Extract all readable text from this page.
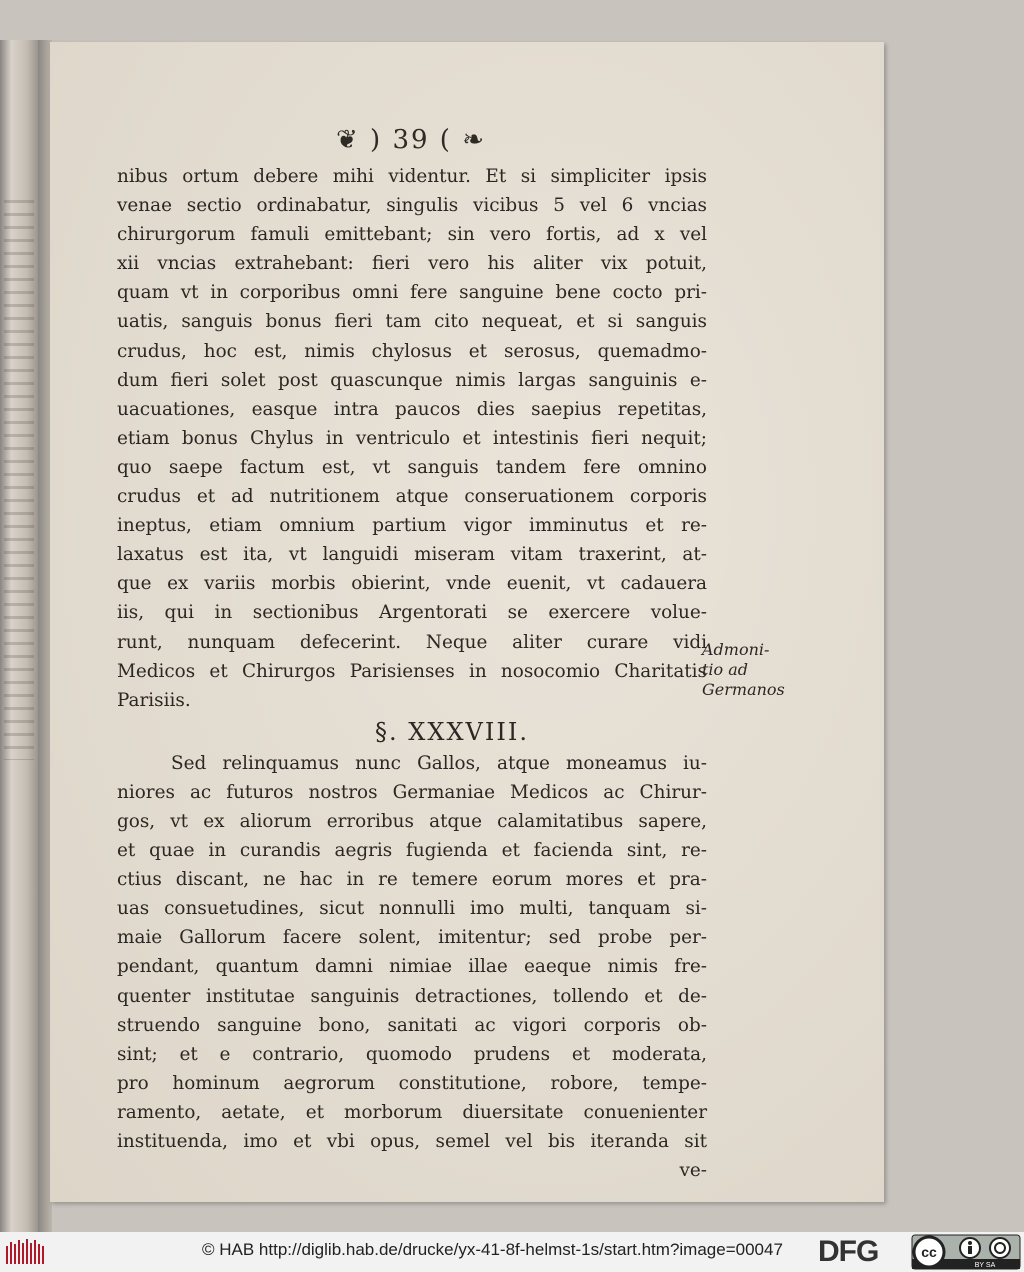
❦ ) 39 ( ❧
nibus ortum debere mihi videntur. Et si simpliciter ipsis
venae sectio ordinabatur, singulis vicibus 5 vel 6 vncias
chirurgorum famuli emittebant; sin vero fortis, ad x vel
xii vncias extrahebant: fieri vero his aliter vix potuit,
quam vt in corporibus omni fere sanguine bene cocto pri-
uatis, sanguis bonus fieri tam cito nequeat, et si sanguis
crudus, hoc est, nimis chylosus et serosus, quemadmo-
dum fieri solet post quascunque nimis largas sanguinis e-
uacuationes, easque intra paucos dies saepius repetitas,
etiam bonus Chylus in ventriculo et intestinis fieri nequit;
quo saepe factum est, vt sanguis tandem fere omnino
crudus et ad nutritionem atque conseruationem corporis
ineptus, etiam omnium partium vigor imminutus et re-
laxatus est ita, vt languidi miseram vitam traxerint, at-
que ex variis morbis obierint, vnde euenit, vt cadauera
iis, qui in sectionibus Argentorati se exercere volue-
runt, nunquam defecerint. Neque aliter curare vidi
Medicos et Chirurgos Parisienses in nosocomio Charitatis
Parisiis.
§. XXXVIII.
Sed relinquamus nunc Gallos, atque moneamus iu-
niores ac futuros nostros Germaniae Medicos ac Chirur-
gos, vt ex aliorum erroribus atque calamitatibus sapere,
et quae in curandis aegris fugienda et facienda sint, re-
ctius discant, ne hac in re temere eorum mores et pra-
uas consuetudines, sicut nonnulli imo multi, tanquam si-
maie Gallorum facere solent, imitentur; sed probe per-
pendant, quantum damni nimiae illae eaeque nimis fre-
quenter institutae sanguinis detractiones, tollendo et de-
struendo sanguine bono, sanitati ac vigori corporis ob-
sint; et e contrario, quomodo prudens et moderata,
pro hominum aegrorum constitutione, robore, tempe-
ramento, aetate, et morborum diuersitate conuenienter
instituenda, imo et vbi opus, semel vel bis iteranda sit
ve-
Admoni-
tio ad
Germanos
© HAB http://diglib.hab.de/drucke/yx-41-8f-helmst-1s/start.htm?image=00047	DFG	cc
BY SA
